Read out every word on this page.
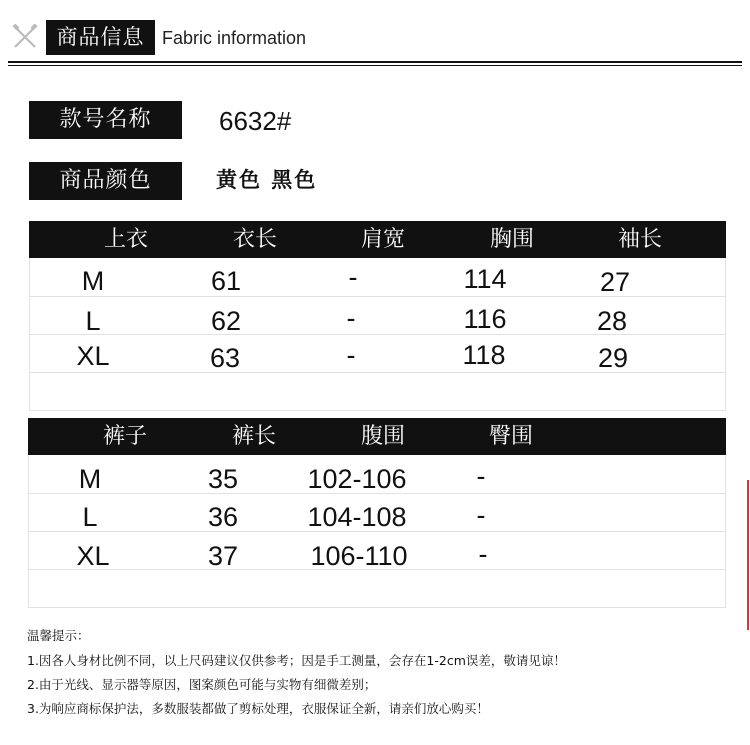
商品信息 Fabric information
款号名称	6632#
商品颜色	黄色 黑色
上衣	衣长	肩宽	胸围	袖长
M	61	-	114	27
L	62	-	116	28
XL	63	-	118	29
裤子	裤长	腹围	臀围
M	35	102-106	-
L	36	104-108	-
XL	37	106-110	-
温馨提示：
1.因各人身材比例不同，以上尺码建议仅供参考；因是手工测量，会存在1-2cm误差，敬请见谅！
2.由于光线、显示器等原因，图案颜色可能与实物有细微差别；
3.为响应商标保护法，多数服装都做了剪标处理，衣服保证全新，请亲们放心购买！
